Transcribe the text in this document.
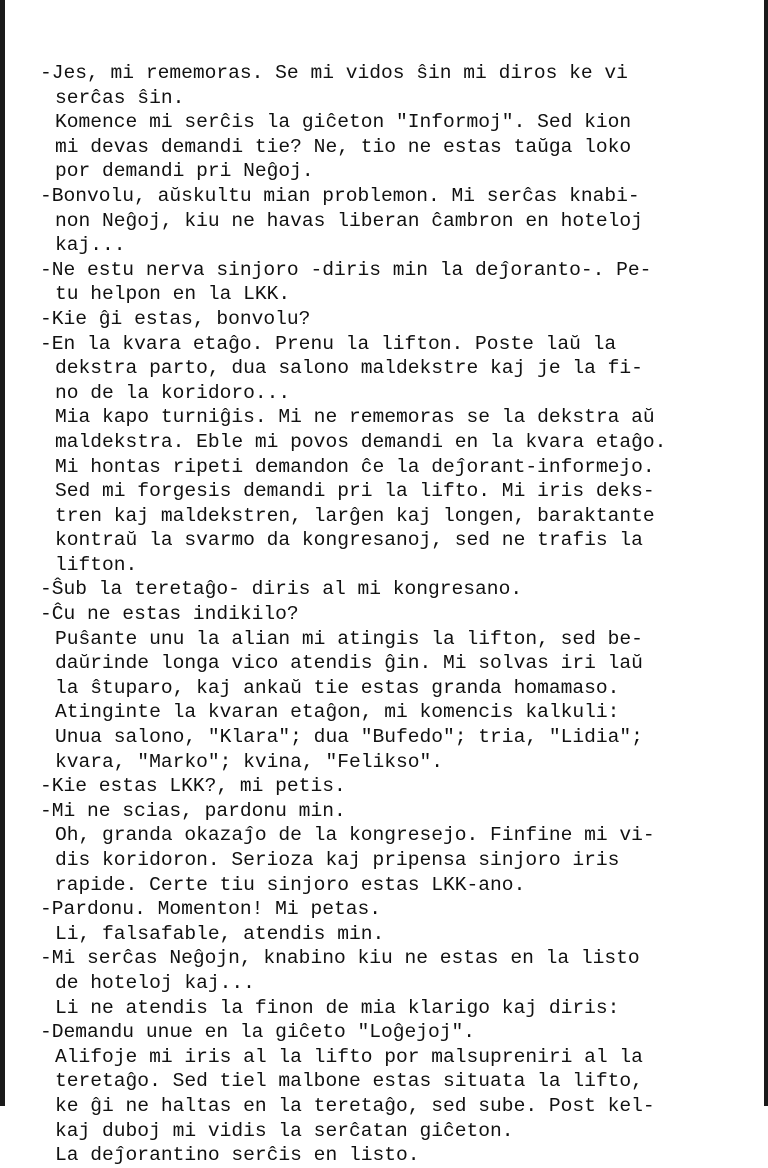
-Jes, mi rememoras. Se mi vidos ŝin mi diros ke vi
serĉas ŝin.
Komence mi serĉis la giĉeton "Informoj". Sed kion
mi devas demandi tie? Ne, tio ne estas taŭga loko
por demandi pri Neĝoj.
-Bonvolu, aŭskultu mian problemon. Mi serĉas knabi-
non Neĝoj, kiu ne havas liberan ĉambron en hoteloj
kaj...
-Ne estu nerva sinjoro -diris min la deĵoranto-. Pe-
tu helpon en la LKK.
-Kie ĝi estas, bonvolu?
-En la kvara etaĝo. Prenu la lifton. Poste laŭ la
dekstra parto, dua salono maldekstre kaj je la fi-
no de la koridoro...
Mia kapo turniĝis. Mi ne rememoras se la dekstra aŭ
maldekstra. Eble mi povos demandi en la kvara etaĝo.
Mi hontas ripeti demandon ĉe la deĵorant-informejo.
Sed mi forgesis demandi pri la lifto. Mi iris deks-
tren kaj maldekstren, larĝen kaj longen, baraktante
kontraŭ la svarmo da kongresanoj, sed ne trafis la
lifton.
-Ŝub la teretaĝo- diris al mi kongresano.
-Ĉu ne estas indikilo?
Puŝante unu la alian mi atingis la lifton, sed be-
daŭrinde longa vico atendis ĝin. Mi solvas iri laŭ
la ŝtuparo, kaj ankaŭ tie estas granda homamaso.
Atinginte la kvaran etaĝon, mi komencis kalkuli:
Unua salono, "Klara"; dua "Bufedo"; tria, "Lidia";
kvara, "Marko"; kvina, "Felikso".
-Kie estas LKK?, mi petis.
-Mi ne scias, pardonu min.
Oh, granda okazaĵo de la kongresejo. Finfine mi vi-
dis koridoron. Serioza kaj pripensa sinjoro iris
rapide. Certe tiu sinjoro estas LKK-ano.
-Pardonu. Momenton! Mi petas.
Li, falsafable, atendis min.
-Mi serĉas Neĝojn, knabino kiu ne estas en la listo
de hoteloj kaj...
Li ne atendis la finon de mia klarigo kaj diris:
-Demandu unue en la giĉeto "Loĝejoj".
Alifoje mi iris al la lifto por malsupreniri al la
teretaĝo. Sed tiel malbone estas situata la lifto,
ke ĝi ne haltas en la teretaĝo, sed sube. Post kel-
kaj duboj mi vidis la serĉatan giĉeton.
La deĵorantino serĉis en listo.
